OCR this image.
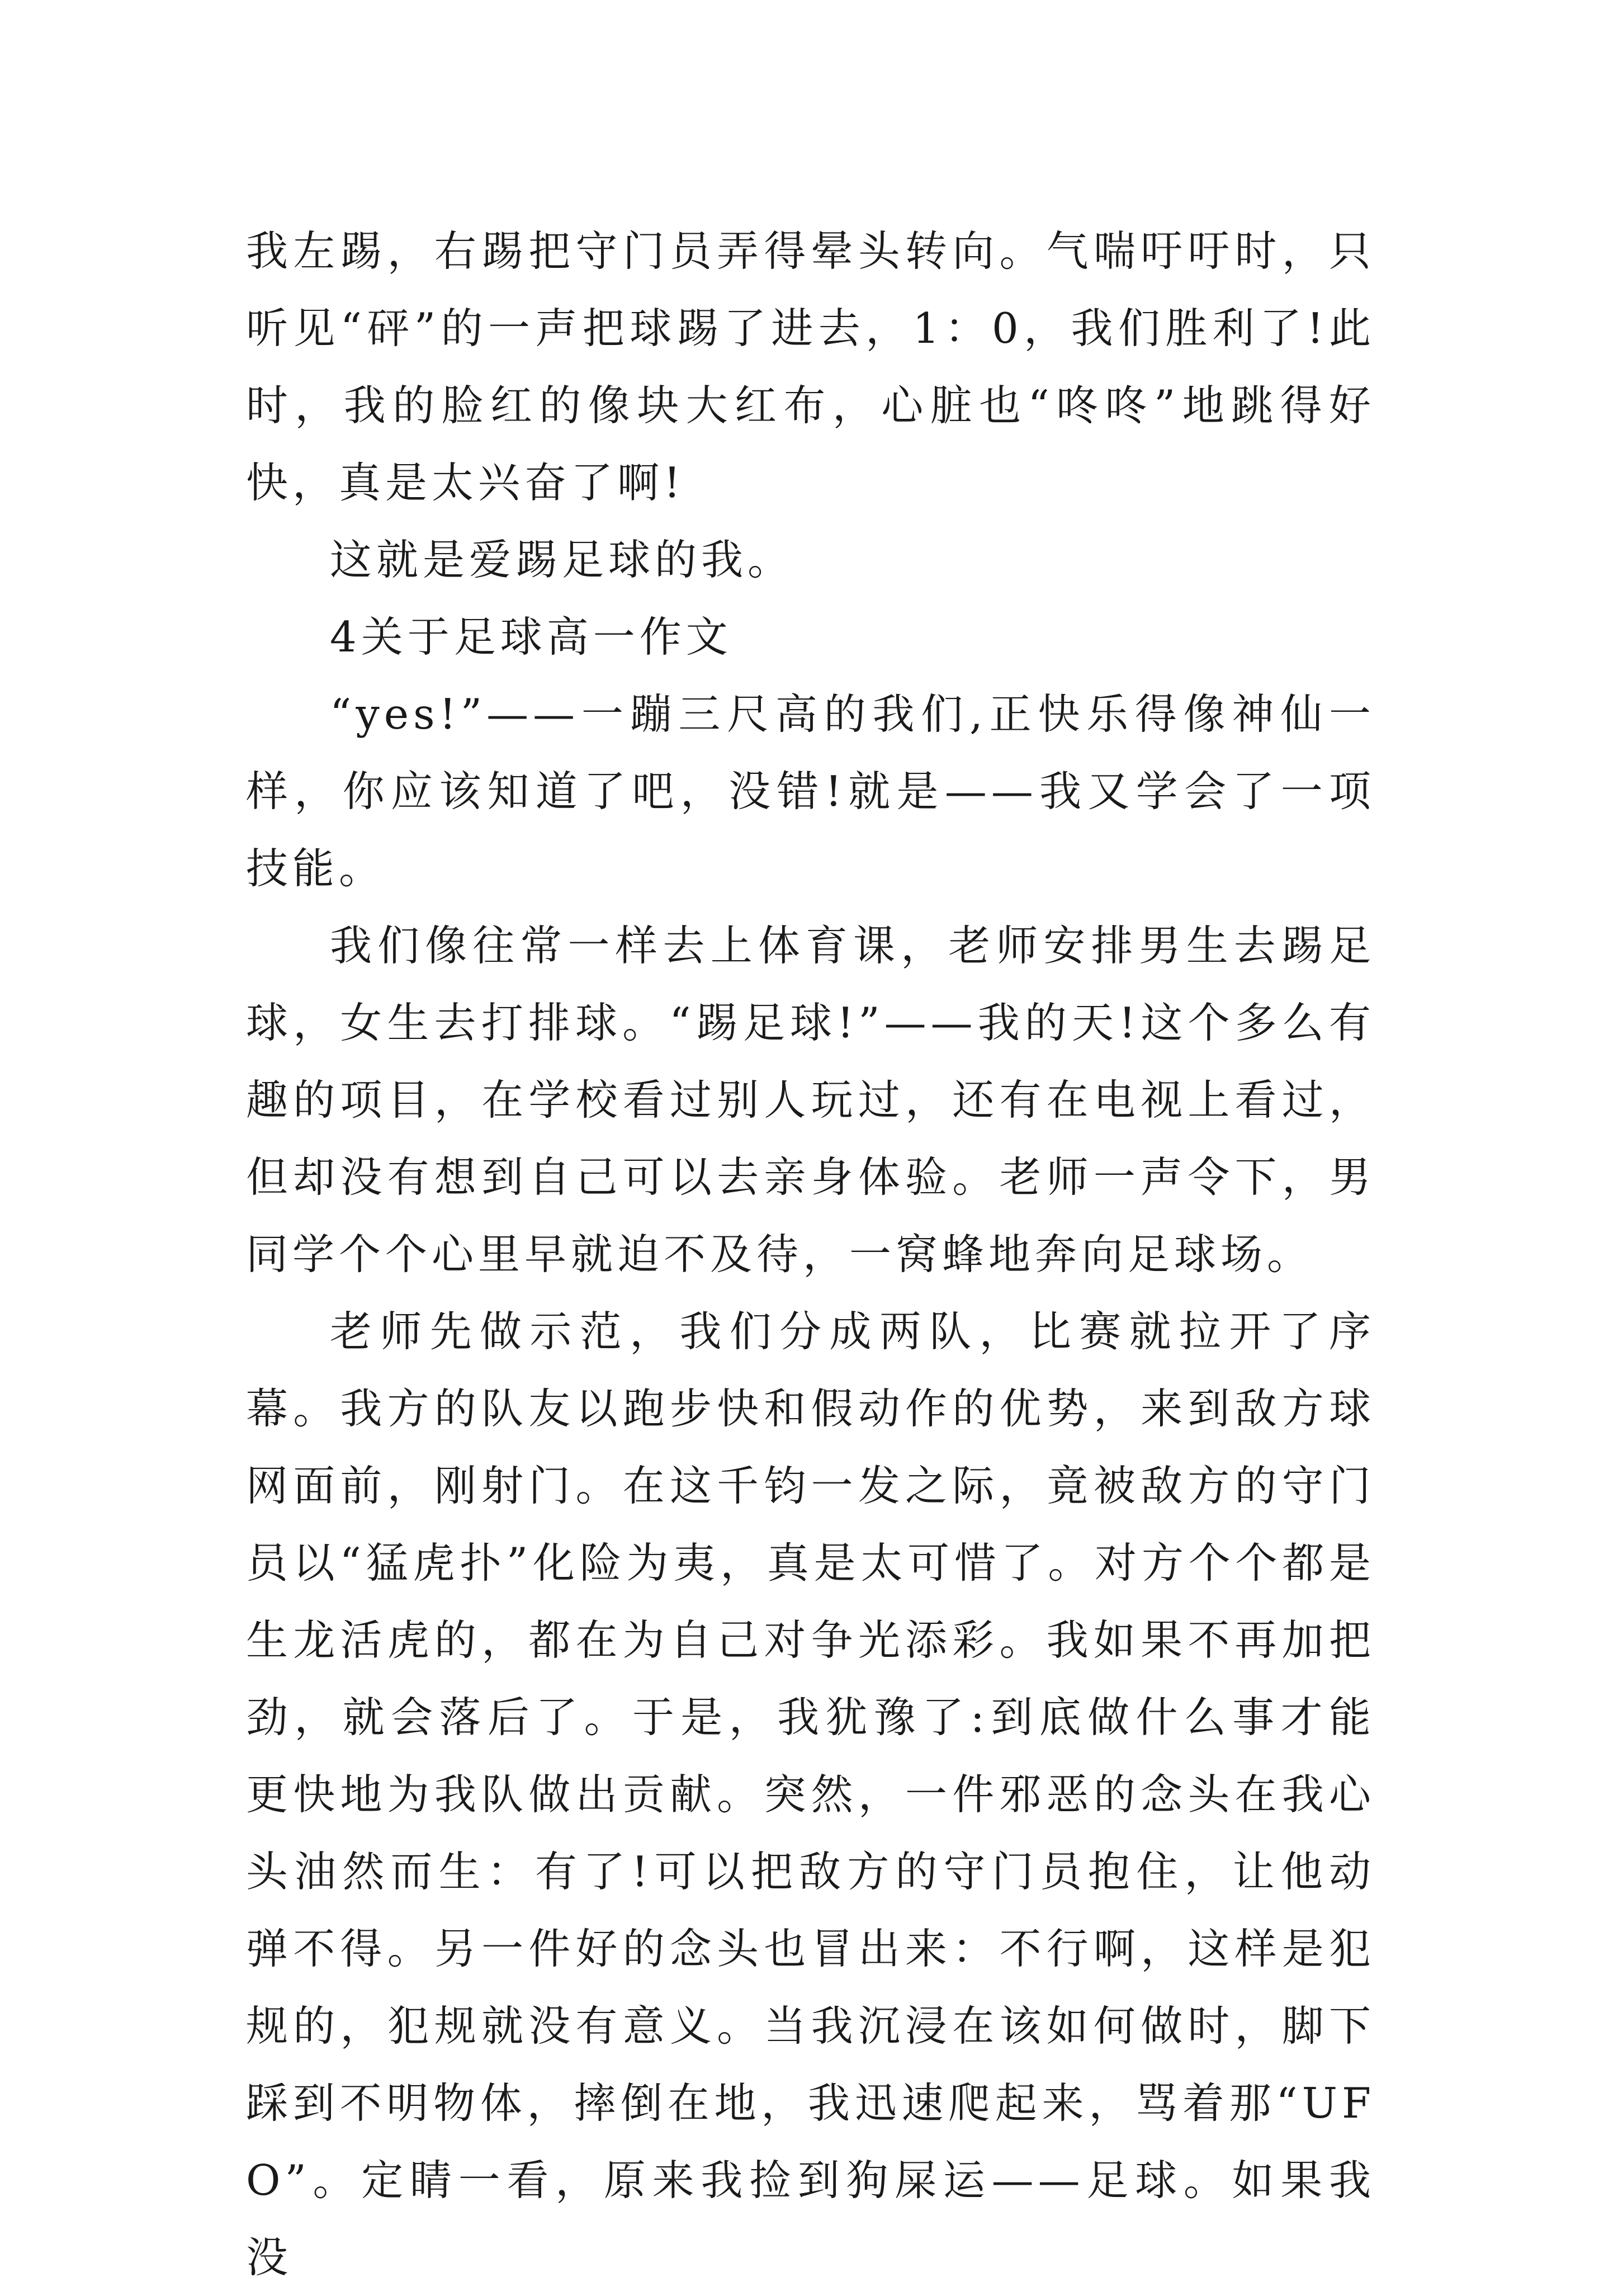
我左踢，右踢把守门员弄得晕头转向。气喘吁吁时，只听见“砰”的一声把球踢了进去，1：0，我们胜利了!此时，我的脸红的像块大红布，心脏也“咚咚”地跳得好快，真是太兴奋了啊!

这就是爱踢足球的我。

4关于足球高一作文

“yes!”——一蹦三尺高的我们,正快乐得像神仙一样，你应该知道了吧，没错!就是——我又学会了一项技能。

我们像往常一样去上体育课，老师安排男生去踢足球，女生去打排球。“踢足球!”——我的天!这个多么有趣的项目，在学校看过别人玩过，还有在电视上看过，但却没有想到自己可以去亲身体验。老师一声令下，男同学个个心里早就迫不及待，一窝蜂地奔向足球场。

老师先做示范，我们分成两队，比赛就拉开了序幕。我方的队友以跑步快和假动作的优势，来到敌方球网面前，刚射门。在这千钧一发之际，竟被敌方的守门员以“猛虎扑”化险为夷，真是太可惜了。对方个个都是生龙活虎的，都在为自己对争光添彩。我如果不再加把劲，就会落后了。于是，我犹豫了:到底做什么事才能更快地为我队做出贡献。突然，一件邪恶的念头在我心头油然而生：有了!可以把敌方的守门员抱住，让他动弹不得。另一件好的念头也冒出来：不行啊，这样是犯规的，犯规就没有意义。当我沉浸在该如何做时，脚下踩到不明物体，摔倒在地，我迅速爬起来，骂着那“UFO”。定睛一看，原来我捡到狗屎运——足球。如果我没
